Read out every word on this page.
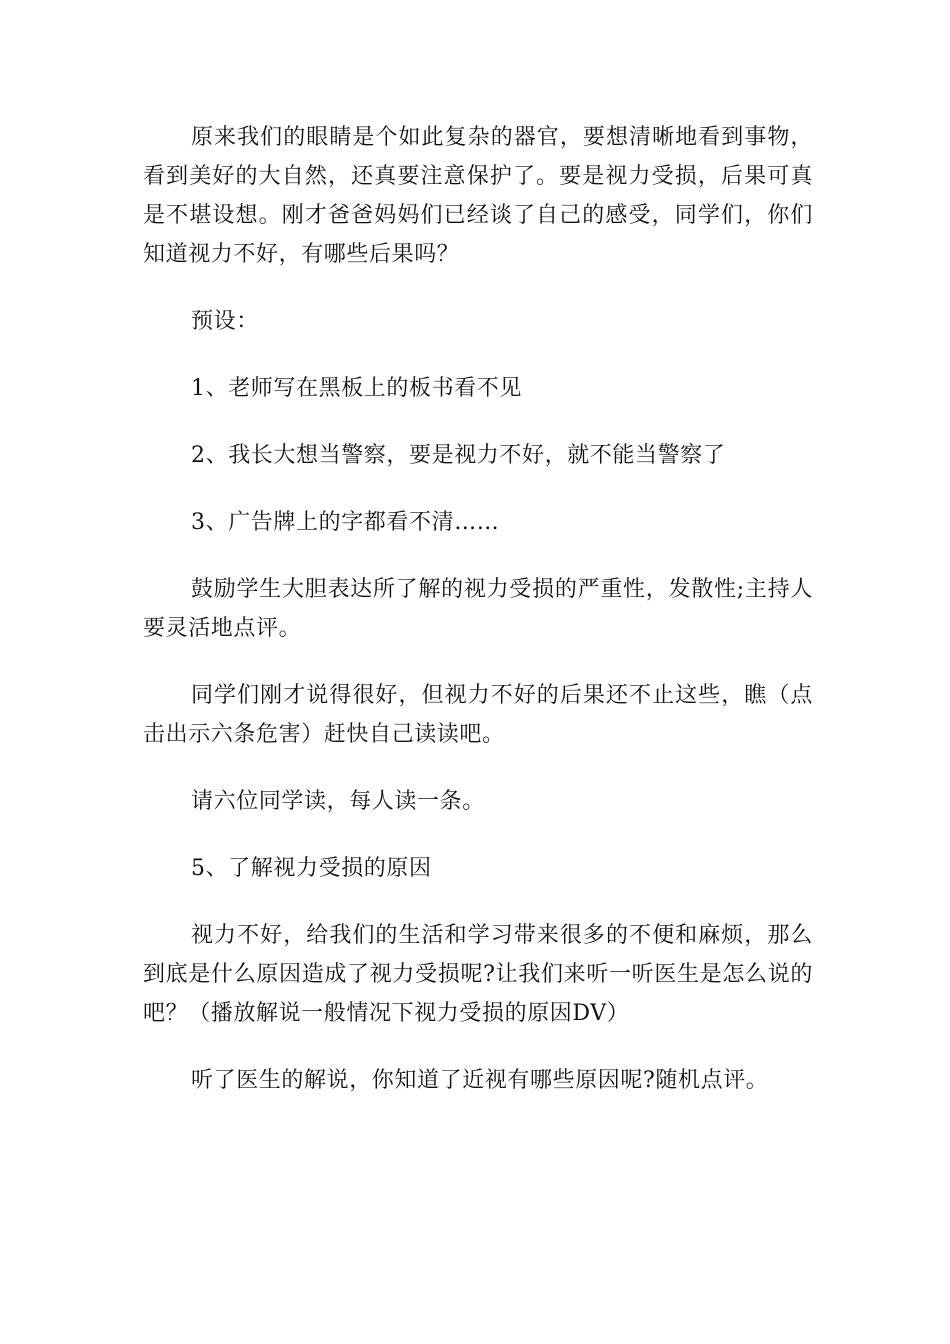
原来我们的眼睛是个如此复杂的器官，要想清晰地看到事物，看到美好的大自然，还真要注意保护了。要是视力受损，后果可真是不堪设想。刚才爸爸妈妈们已经谈了自己的感受，同学们，你们知道视力不好，有哪些后果吗？

预设：

1、老师写在黑板上的板书看不见

2、我长大想当警察，要是视力不好，就不能当警察了

3、广告牌上的字都看不清……

鼓励学生大胆表达所了解的视力受损的严重性，发散性;主持人要灵活地点评。

同学们刚才说得很好，但视力不好的后果还不止这些，瞧（点击出示六条危害）赶快自己读读吧。

请六位同学读，每人读一条。

5、了解视力受损的原因

视力不好，给我们的生活和学习带来很多的不便和麻烦，那么到底是什么原因造成了视力受损呢?让我们来听一听医生是怎么说的吧？（播放解说一般情况下视力受损的原因DV）

听了医生的解说，你知道了近视有哪些原因呢?随机点评。
